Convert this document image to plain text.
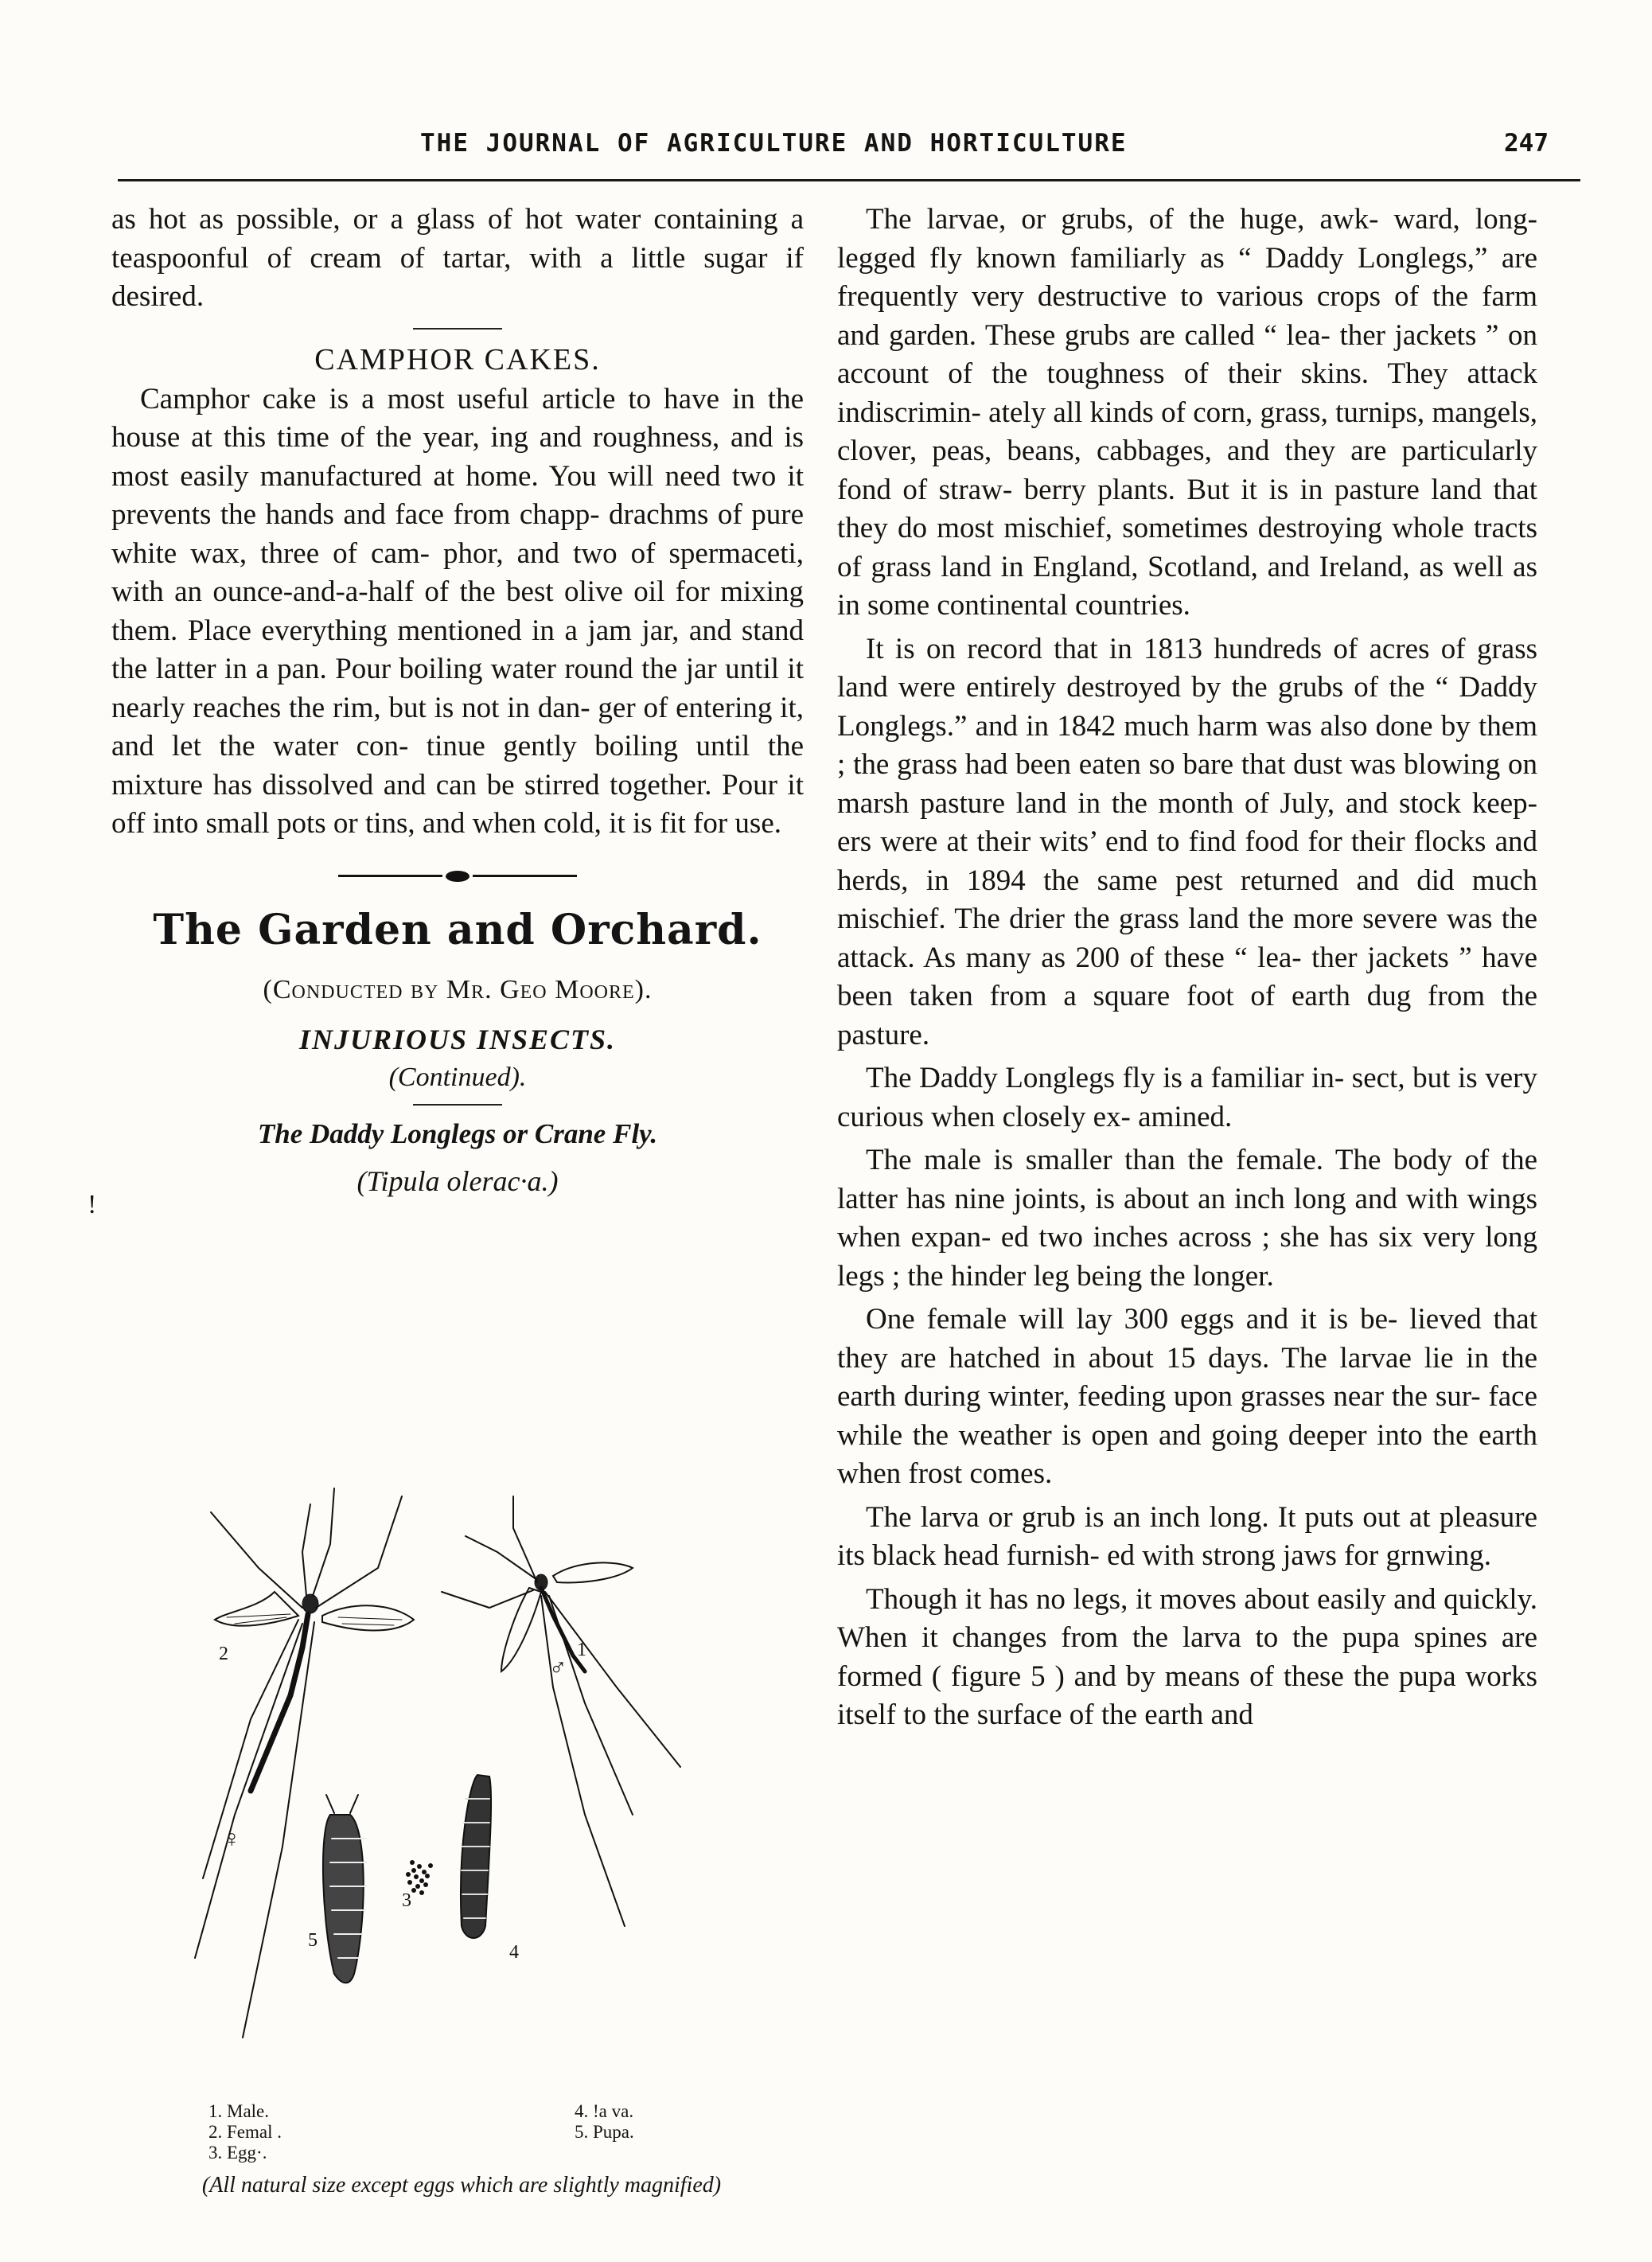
THE JOURNAL OF AGRICULTURE AND HORTICULTURE	247

as hot as possible, or a glass of hot water containing a teaspoonful of cream of tartar, with a little sugar if desired.

CAMPHOR CAKES.

Camphor cake is a most useful article to have in the house at this time of the year, ing and roughness, and is most easily manufactured at home. You will need two it prevents the hands and face from chapp- drachms of pure white wax, three of cam- phor, and two of spermaceti, with an ounce-and-a-half of the best olive oil for mixing them. Place everything mentioned in a jam jar, and stand the latter in a pan. Pour boiling water round the jar until it nearly reaches the rim, but is not in dan- ger of entering it, and let the water con- tinue gently boiling until the mixture has dissolved and can be stirred together. Pour it off into small pots or tins, and when cold, it is fit for use.

The Garden and Orchard.
(Conducted by Mr. Geo Moore).
INJURIOUS INSECTS.
(Continued).
The Daddy Longlegs or Crane Fly.
(Tipula olerac·a.)
!
2	1
♂
♀
3
5
4
1. Male.
2. Femal .
3. Egg·.
4. !a va.
5. Pupa.
(All natural size except eggs which are slightly magnified)

The larvae, or grubs, of the huge, awk- ward, long-legged fly known familiarly as “ Daddy Longlegs,” are frequently very destructive to various crops of the farm and garden. These grubs are called “ lea- ther jackets ” on account of the toughness of their skins. They attack indiscrimin- ately all kinds of corn, grass, turnips, mangels, clover, peas, beans, cabbages, and they are particularly fond of straw- berry plants. But it is in pasture land that they do most mischief, sometimes destroying whole tracts of grass land in England, Scotland, and Ireland, as well as in some continental countries.

It is on record that in 1813 hundreds of acres of grass land were entirely destroyed by the grubs of the “ Daddy Longlegs.” and in 1842 much harm was also done by them ; the grass had been eaten so bare that dust was blowing on marsh pasture land in the month of July, and stock keep- ers were at their wits’ end to find food for their flocks and herds, in 1894 the same pest returned and did much mischief. The drier the grass land the more severe was the attack. As many as 200 of these “ lea- ther jackets ” have been taken from a square foot of earth dug from the pasture.

The Daddy Longlegs fly is a familiar in- sect, but is very curious when closely ex- amined.

The male is smaller than the female. The body of the latter has nine joints, is about an inch long and with wings when expan- ed two inches across ; she has six very long legs ; the hinder leg being the longer.

One female will lay 300 eggs and it is be- lieved that they are hatched in about 15 days. The larvae lie in the earth during winter, feeding upon grasses near the sur- face while the weather is open and going deeper into the earth when frost comes.

The larva or grub is an inch long. It puts out at pleasure its black head furnish- ed with strong jaws for grnwing.

Though it has no legs, it moves about easily and quickly. When it changes from the larva to the pupa spines are formed ( figure 5 ) and by means of these the pupa works itself to the surface of the earth and
